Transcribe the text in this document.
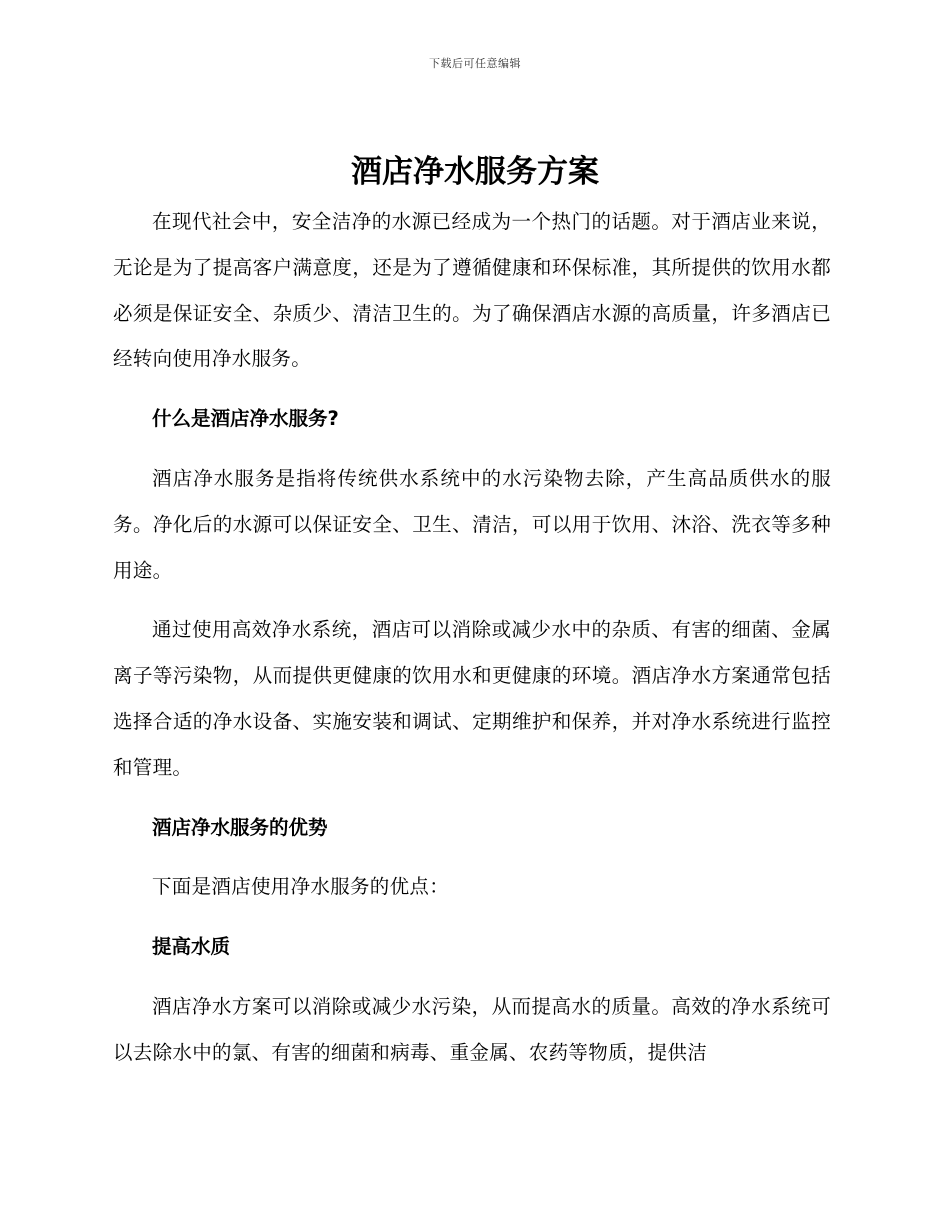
下载后可任意编辑
酒店净水服务方案

在现代社会中，安全洁净的水源已经成为一个热门的话题。对于酒店业来说，无论是为了提高客户满意度，还是为了遵循健康和环保标准，其所提供的饮用水都必须是保证安全、杂质少、清洁卫生的。为了确保酒店水源的高质量，许多酒店已经转向使用净水服务。

什么是酒店净水服务?

酒店净水服务是指将传统供水系统中的水污染物去除，产生高品质供水的服务。净化后的水源可以保证安全、卫生、清洁，可以用于饮用、沐浴、洗衣等多种用途。

通过使用高效净水系统，酒店可以消除或减少水中的杂质、有害的细菌、金属离子等污染物，从而提供更健康的饮用水和更健康的环境。酒店净水方案通常包括选择合适的净水设备、实施安装和调试、定期维护和保养，并对净水系统进行监控和管理。

酒店净水服务的优势

下面是酒店使用净水服务的优点：

提高水质

酒店净水方案可以消除或减少水污染，从而提高水的质量。高效的净水系统可以去除水中的氯、有害的细菌和病毒、重金属、农药等物质，提供洁
